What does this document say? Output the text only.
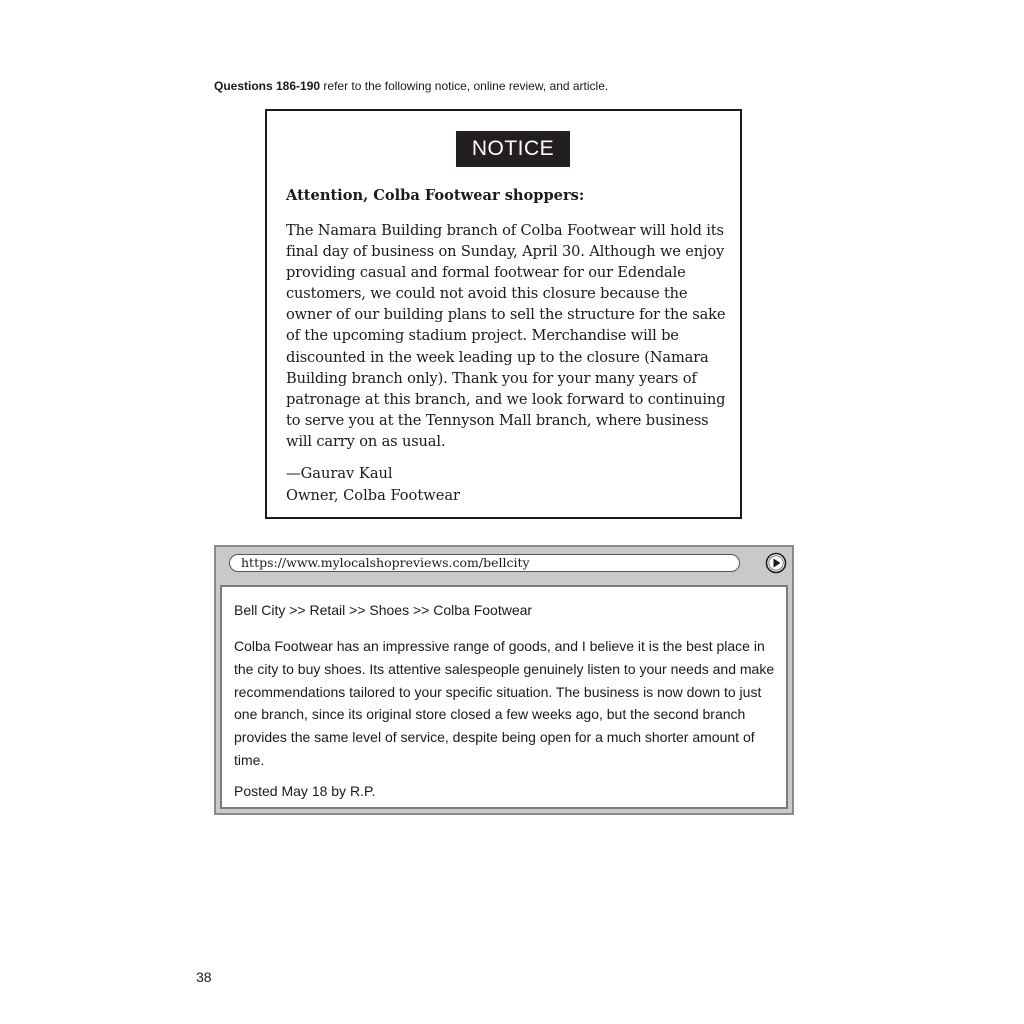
Questions 186-190 refer to the following notice, online review, and article.
NOTICE
Attention, Colba Footwear shoppers:
The Namara Building branch of Colba Footwear will hold its
final day of business on Sunday, April 30. Although we enjoy
providing casual and formal footwear for our Edendale
customers, we could not avoid this closure because the
owner of our building plans to sell the structure for the sake
of the upcoming stadium project. Merchandise will be
discounted in the week leading up to the closure (Namara
Building branch only). Thank you for your many years of
patronage at this branch, and we look forward to continuing
to serve you at the Tennyson Mall branch, where business
will carry on as usual.
—Gaurav Kaul
Owner, Colba Footwear
https://www.mylocalshopreviews.com/bellcity
Bell City >> Retail >> Shoes >> Colba Footwear
Colba Footwear has an impressive range of goods, and I believe it is the best place in
the city to buy shoes. Its attentive salespeople genuinely listen to your needs and make
recommendations tailored to your specific situation. The business is now down to just
one branch, since its original store closed a few weeks ago, but the second branch
provides the same level of service, despite being open for a much shorter amount of
time.
Posted May 18 by R.P.
38
